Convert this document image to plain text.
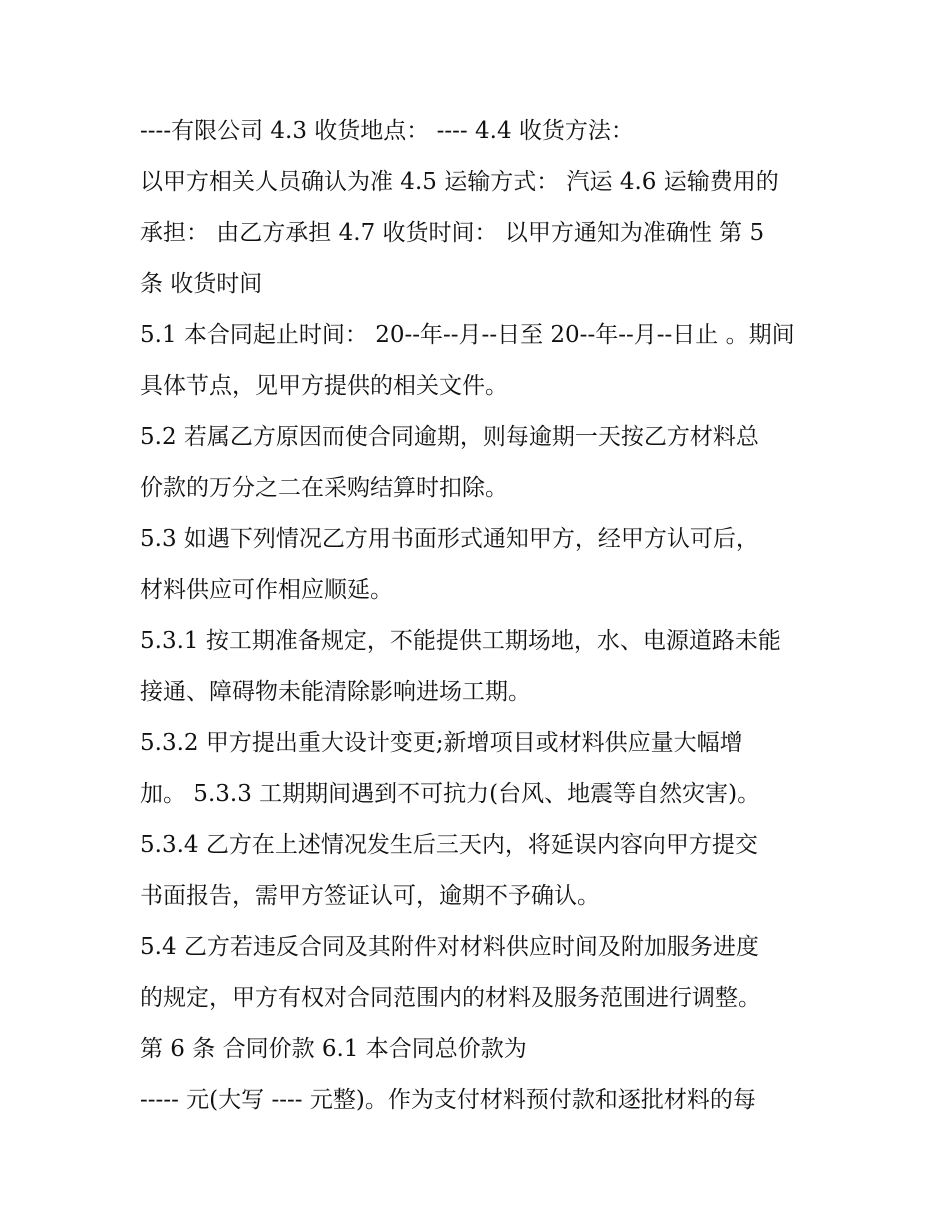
----有限公司 4.3 收货地点： ---- 4.4 收货方法：
以甲方相关人员确认为准 4.5 运输方式： 汽运 4.6 运输费用的
承担： 由乙方承担 4.7 收货时间： 以甲方通知为准确性 第 5
条 收货时间
5.1 本合同起止时间： 20--年--月--日至 20--年--月--日止 。期间
具体节点，见甲方提供的相关文件。
5.2 若属乙方原因而使合同逾期，则每逾期一天按乙方材料总
价款的万分之二在采购结算时扣除。
5.3 如遇下列情况乙方用书面形式通知甲方，经甲方认可后，
材料供应可作相应顺延。
5.3.1 按工期准备规定，不能提供工期场地，水、电源道路未能
接通、障碍物未能清除影响进场工期。
5.3.2 甲方提出重大设计变更;新增项目或材料供应量大幅增
加。 5.3.3 工期期间遇到不可抗力(台风、地震等自然灾害)。
5.3.4 乙方在上述情况发生后三天内，将延误内容向甲方提交
书面报告，需甲方签证认可，逾期不予确认。
5.4 乙方若违反合同及其附件对材料供应时间及附加服务进度
的规定，甲方有权对合同范围内的材料及服务范围进行调整。
第 6 条 合同价款 6.1 本合同总价款为
----- 元(大写 ---- 元整)。作为支付材料预付款和逐批材料的每
